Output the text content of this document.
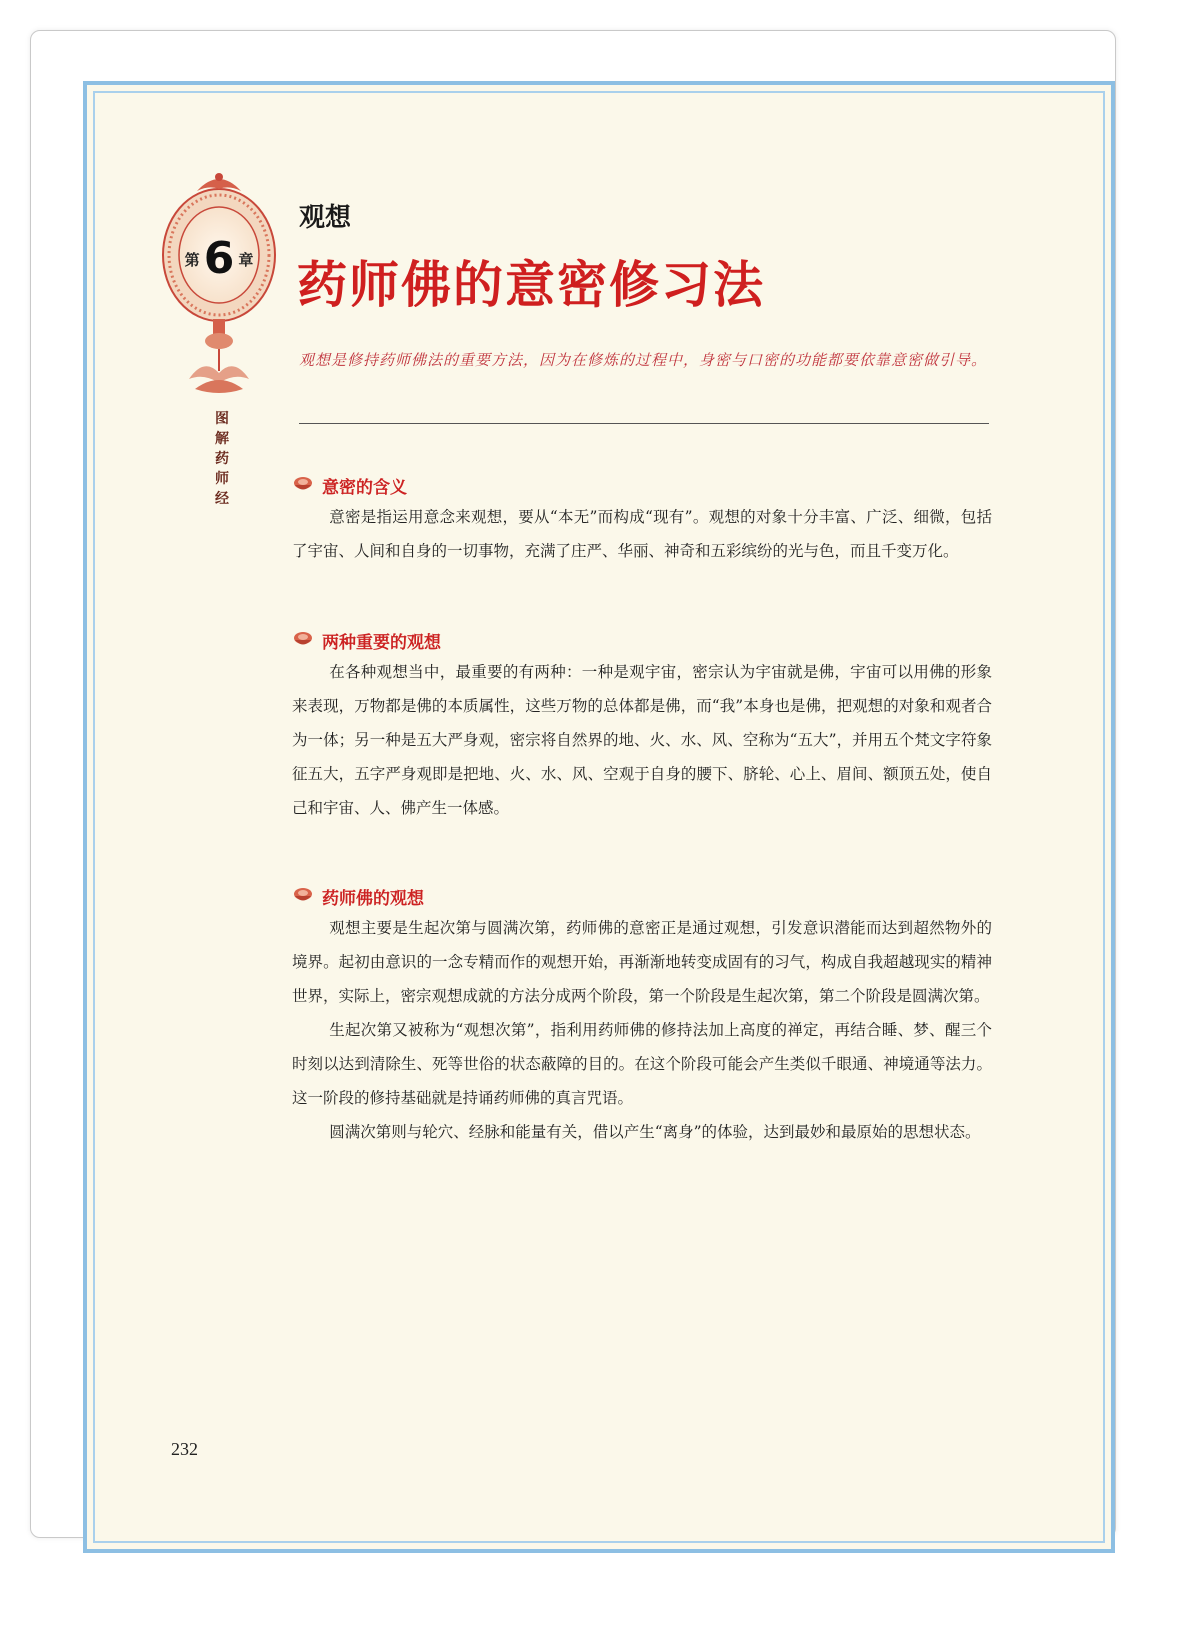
第 6 章
图
解
药
师
经
观想
药师佛的意密修习法
观想是修持药师佛法的重要方法，因为在修炼的过程中，身密与口密的功能都要依靠意密做引导。
意密的含义

意密是指运用意念来观想，要从“本无”而构成“现有”。观想的对象十分丰富、广泛、细微，包括了宇宙、人间和自身的一切事物，充满了庄严、华丽、神奇和五彩缤纷的光与色，而且千变万化。

两种重要的观想

在各种观想当中，最重要的有两种：一种是观宇宙，密宗认为宇宙就是佛，宇宙可以用佛的形象来表现，万物都是佛的本质属性，这些万物的总体都是佛，而“我”本身也是佛，把观想的对象和观者合为一体；另一种是五大严身观，密宗将自然界的地、火、水、风、空称为“五大”，并用五个梵文字符象征五大，五字严身观即是把地、火、水、风、空观于自身的腰下、脐轮、心上、眉间、额顶五处，使自己和宇宙、人、佛产生一体感。

药师佛的观想

观想主要是生起次第与圆满次第，药师佛的意密正是通过观想，引发意识潜能而达到超然物外的境界。起初由意识的一念专精而作的观想开始，再渐渐地转变成固有的习气，构成自我超越现实的精神世界，实际上，密宗观想成就的方法分成两个阶段，第一个阶段是生起次第，第二个阶段是圆满次第。

生起次第又被称为“观想次第”，指利用药师佛的修持法加上高度的禅定，再结合睡、梦、醒三个时刻以达到清除生、死等世俗的状态蔽障的目的。在这个阶段可能会产生类似千眼通、神境通等法力。这一阶段的修持基础就是持诵药师佛的真言咒语。

圆满次第则与轮穴、经脉和能量有关，借以产生“离身”的体验，达到最妙和最原始的思想状态。

232
